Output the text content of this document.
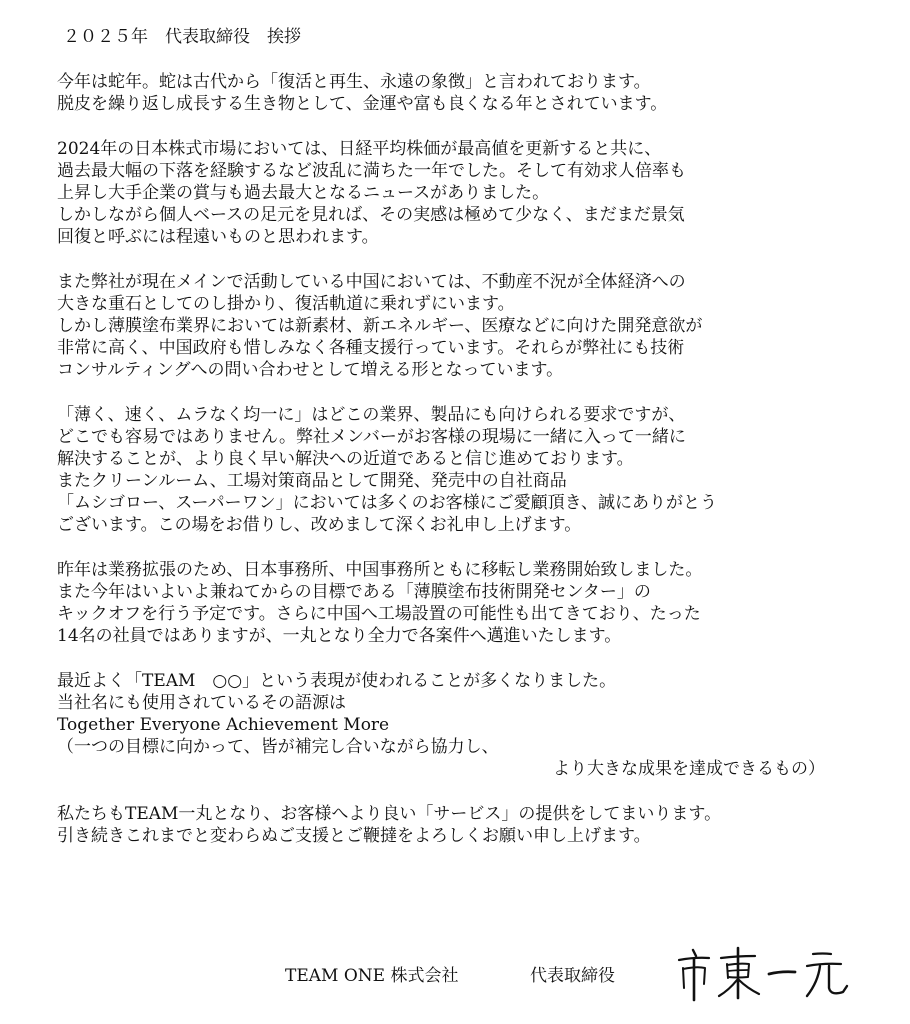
２０２５年　代表取締役　挨拶
今年は蛇年。蛇は古代から「復活と再生、永遠の象徴」と言われております。
脱皮を繰り返し成長する生き物として、金運や富も良くなる年とされています。
2024年の日本株式市場においては、日経平均株価が最高値を更新すると共に、
過去最大幅の下落を経験するなど波乱に満ちた一年でした。そして有効求人倍率も
上昇し大手企業の賞与も過去最大となるニュースがありました。
しかしながら個人ベースの足元を見れば、その実感は極めて少なく、まだまだ景気
回復と呼ぶには程遠いものと思われます。
また弊社が現在メインで活動している中国においては、不動産不況が全体経済への
大きな重石としてのし掛かり、復活軌道に乗れずにいます。
しかし薄膜塗布業界においては新素材、新エネルギー、医療などに向けた開発意欲が
非常に高く、中国政府も惜しみなく各種支援行っています。それらが弊社にも技術
コンサルティングへの問い合わせとして増える形となっています。
「薄く、速く、ムラなく均一に」はどこの業界、製品にも向けられる要求ですが、
どこでも容易ではありません。弊社メンバーがお客様の現場に一緒に入って一緒に
解決することが、より良く早い解決への近道であると信じ進めております。
またクリーンルーム、工場対策商品として開発、発売中の自社商品
「ムシゴロー、スーパーワン」においては多くのお客様にご愛顧頂き、誠にありがとう
ございます。この場をお借りし、改めまして深くお礼申し上げます。
昨年は業務拡張のため、日本事務所、中国事務所ともに移転し業務開始致しました。
また今年はいよいよ兼ねてからの目標である「薄膜塗布技術開発センター」の
キックオフを行う予定です。さらに中国へ工場設置の可能性も出てきており、たった
14名の社員ではありますが、一丸となり全力で各案件へ邁進いたします。
最近よく「TEAM　○○」という表現が使われることが多くなりました。
当社名にも使用されているその語源は
Together Everyone Achievement More
（一つの目標に向かって、皆が補完し合いながら協力し、
より大きな成果を達成できるもの）
私たちもTEAM一丸となり、お客様へより良い「サービス」の提供をしてまいります。
引き続きこれまでと変わらぬご支援とご鞭撻をよろしくお願い申し上げます。
TEAM ONE 株式会社	代表取締役
